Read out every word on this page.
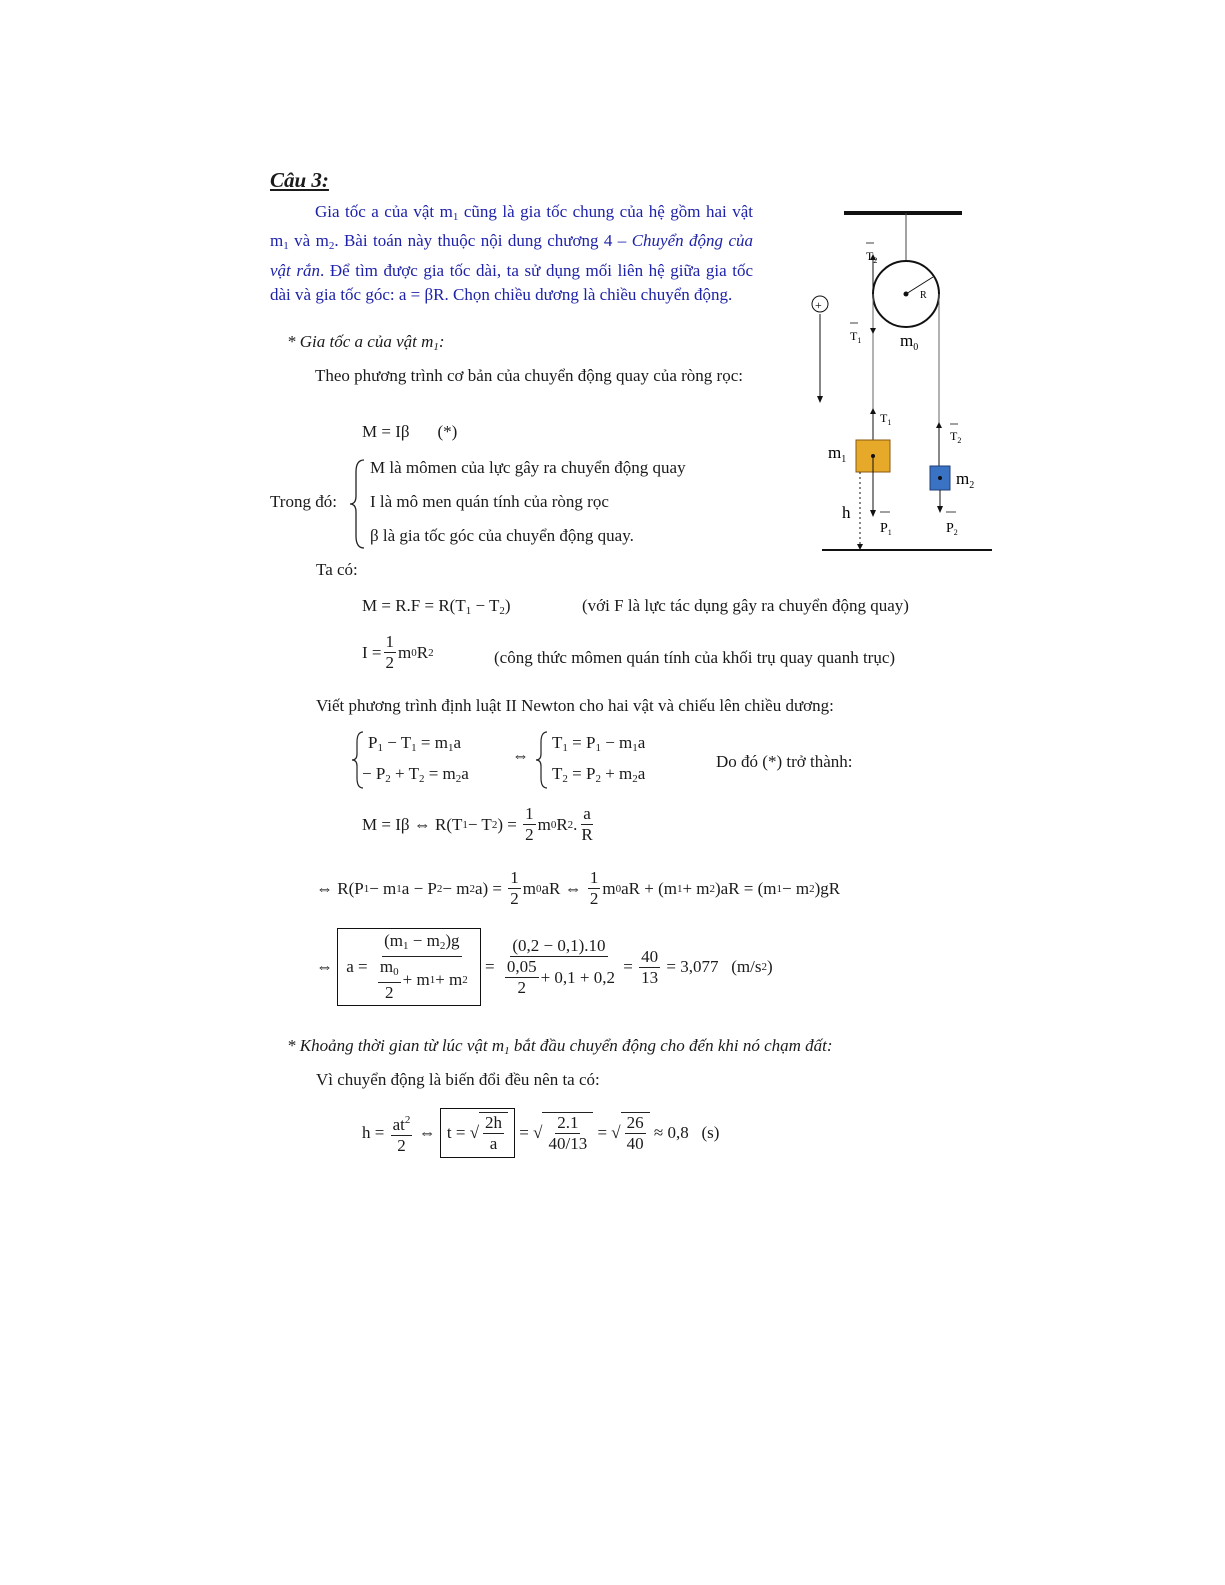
Câu 3:
Gia tốc a của vật $m_1$ cũng là gia tốc chung của hệ gồm hai vật $m_1$ và $m_2$. Bài toán này thuộc nội dung chương 4 – Chuyển động của vật rắn. Để tìm được gia tốc dài, ta sử dụng mối liên hệ giữa gia tốc dài và gia tốc góc: a = βR. Chọn chiều dương là chiều chuyển động.
* Gia tốc a của vật $m_1$:
Theo phương trình cơ bản của chuyển động quay của ròng rọc:
M = Iβ (*)
Trong đó:
M là mômen của lực gây ra chuyển động quay
I là mô men quán tính của ròng rọc
β là gia tốc góc của chuyển động quay.
Ta có:
$M = R.F = R(T_1 - T_2)$	(với F là lực tác dụng gây ra chuyển động quay)
$I = \frac{1}{2}$ m 0 R 2	(công thức mômen quán tính của khối trụ quay quanh trục)
Viết phương trình định luật II Newton cho hai vật và chiếu lên chiều dương:
$P_1 - T_1 = m_1a$
− $P_2 + T_2 = m_2a$
⇔
$T_1 = P_1 - m_1a$
$T_2 = P_2 + m_2a$
Do đó (*) trở thành:
M = Iβ ⇔ R(T 1 − T 2 ) = $\frac{1}{2}$ m 0 R 2 . $\frac{a}{R}$
⇔ R(P 1 − m 1 a − P 2 − m 2 $a) = \frac{1}{2}$ m 0 aR ⇔ $\frac{1}{2}$ m 0 aR + (m 1 + m 2 )aR = (m 1 − m 2 )gR
⇔ $a = \frac{(m_1 - m_2)g}{\frac{m_0}{2} + m 1 + m 2} = \frac{(0,2 - 0,1).10}{\frac{0,05}{2} + 0,1 + 0,2} = \frac{40}{13} = 3,077$
(m/s 2 )
* Khoảng thời gian từ lúc vật $m_1$ bắt đầu chuyển động cho đến khi nó chạm đất:
Vì chuyển động là biến đổi đều nên ta có:
$h = \frac{at^2}{2}$ ⇔ t = √ $\frac{2h}{a}$ = √ $\frac{2.1}{40/13}$ = √ $\frac{26}{40}$
≈ 0,8
(s)
R
$m_0$
$T_2$
$T_1$
+
$T_1$
$m_1$
$P_1$
h
$T_2$
$m_2$
$P_2$
